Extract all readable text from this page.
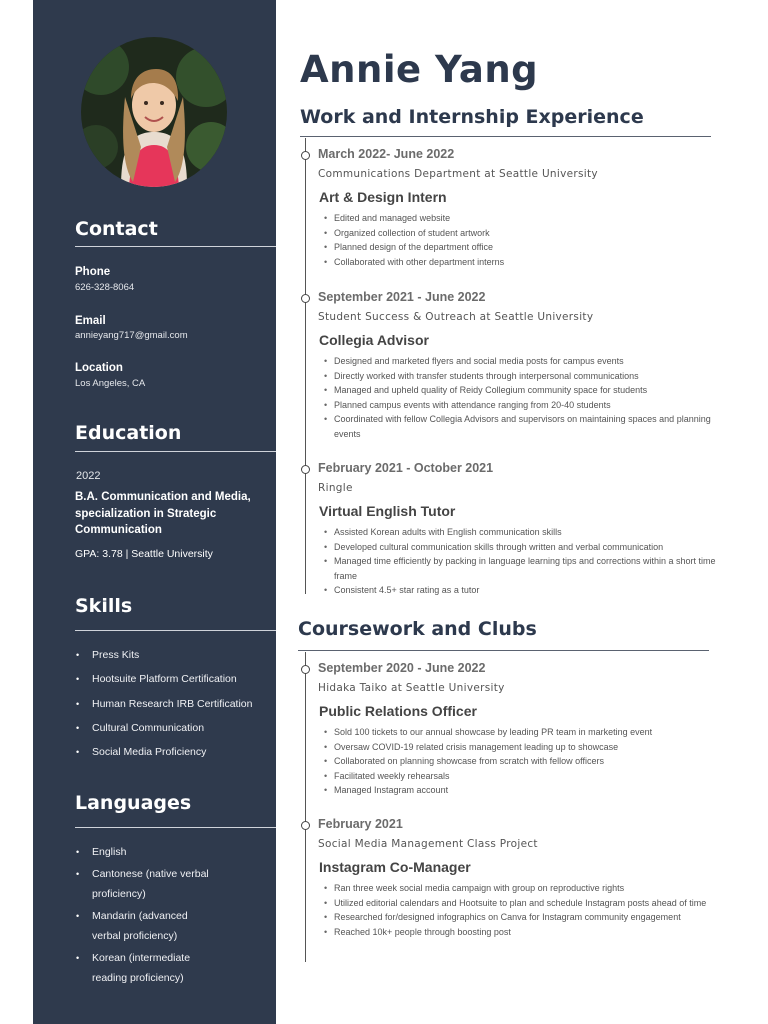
Contact
Phone
626-328-8064
Email
annieyang717@gmail.com
Location
Los Angeles, CA
Education
2022
B.A. Communication and Media, specialization in Strategic Communication
GPA: 3.78 | Seattle University
Skills
• Press Kits
• Hootsuite Platform Certification
• Human Research IRB Certification
• Cultural Communication
• Social Media Proficiency
Languages
• English
• Cantonese (native verbal proficiency)
• Mandarin (advanced verbal proficiency)
• Korean (intermediate reading proficiency)
Annie Yang
Work and Internship Experience
March 2022- June 2022
Communications Department at Seattle University
Art & Design Intern
• Edited and managed website
• Organized collection of student artwork
• Planned design of the department office
• Collaborated with other department interns
September 2021 - June 2022
Student Success & Outreach at Seattle University
Collegia Advisor
• Designed and marketed flyers and social media posts for campus events
• Directly worked with transfer students through interpersonal communications
• Managed and upheld quality of Reidy Collegium community space for students
• Planned campus events with attendance ranging from 20-40 students
• Coordinated with fellow Collegia Advisors and supervisors on maintaining spaces and planning events
February 2021 - October 2021
Ringle
Virtual English Tutor
• Assisted Korean adults with English communication skills
• Developed cultural communication skills through written and verbal communication
• Managed time efficiently by packing in language learning tips and corrections within a short time frame
• Consistent 4.5+ star rating as a tutor
Coursework and Clubs
September 2020 - June 2022
Hidaka Taiko at Seattle University
Public Relations Officer
• Sold 100 tickets to our annual showcase by leading PR team in marketing event
• Oversaw COVID-19 related crisis management leading up to showcase
• Collaborated on planning showcase from scratch with fellow officers
• Facilitated weekly rehearsals
• Managed Instagram account
February 2021
Social Media Management Class Project
Instagram Co-Manager
• Ran three week social media campaign with group on reproductive rights
• Utilized editorial calendars and Hootsuite to plan and schedule Instagram posts ahead of time
• Researched for/designed infographics on Canva for Instagram community engagement
• Reached 10k+ people through boosting post
